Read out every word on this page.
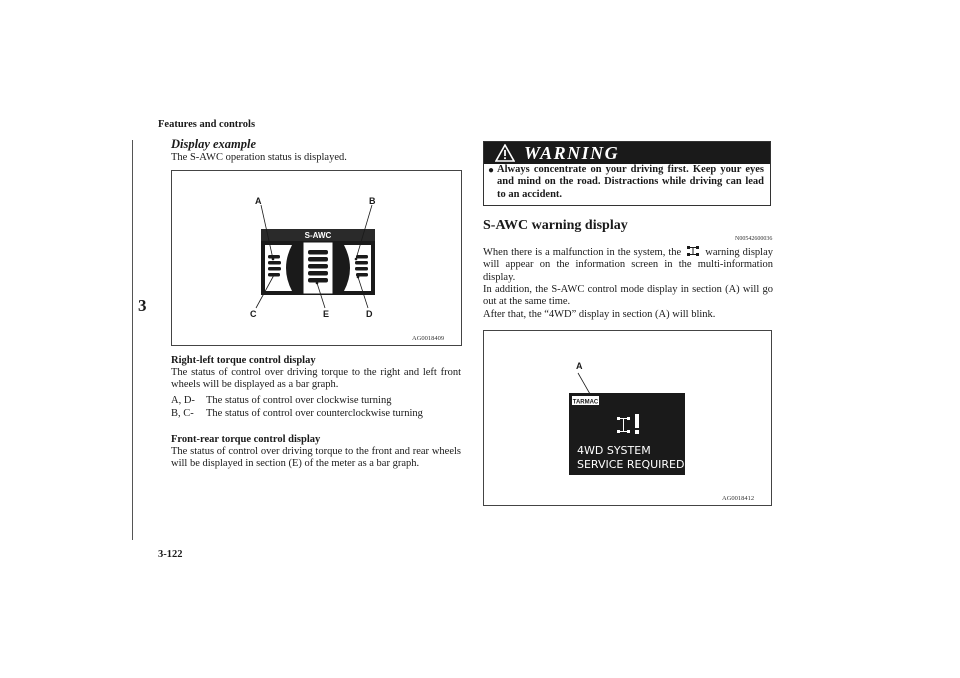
Features and controls
3
3-122
Display example
The S-AWC operation status is displayed.
S-AWC
A	B
C	E	D
AG0018409
Right-left torque control display
The status of control over driving torque to the right and left front wheels will be displayed as a bar graph.
A, D- The status of control over clockwise turning
B, C- The status of control over counterclockwise turning
Front-rear torque control display
The status of control over driving torque to the front and rear wheels will be displayed in section (E) of the meter as a bar graph.
WARNING
● Always concentrate on your driving first. Keep your eyes and mind on the road. Distractions while driving can lead to an accident.
S-AWC warning display
N00542600036
When there is a malfunction in the system, the warning display will appear on the information screen in the multi-information display.
In addition, the S-AWC control mode display in section (A) will go out at the same time.
After that, the “4WD” display in section (A) will blink.
TARMAC
4WD SYSTEM
SERVICE REQUIRED
A
AG0018412
